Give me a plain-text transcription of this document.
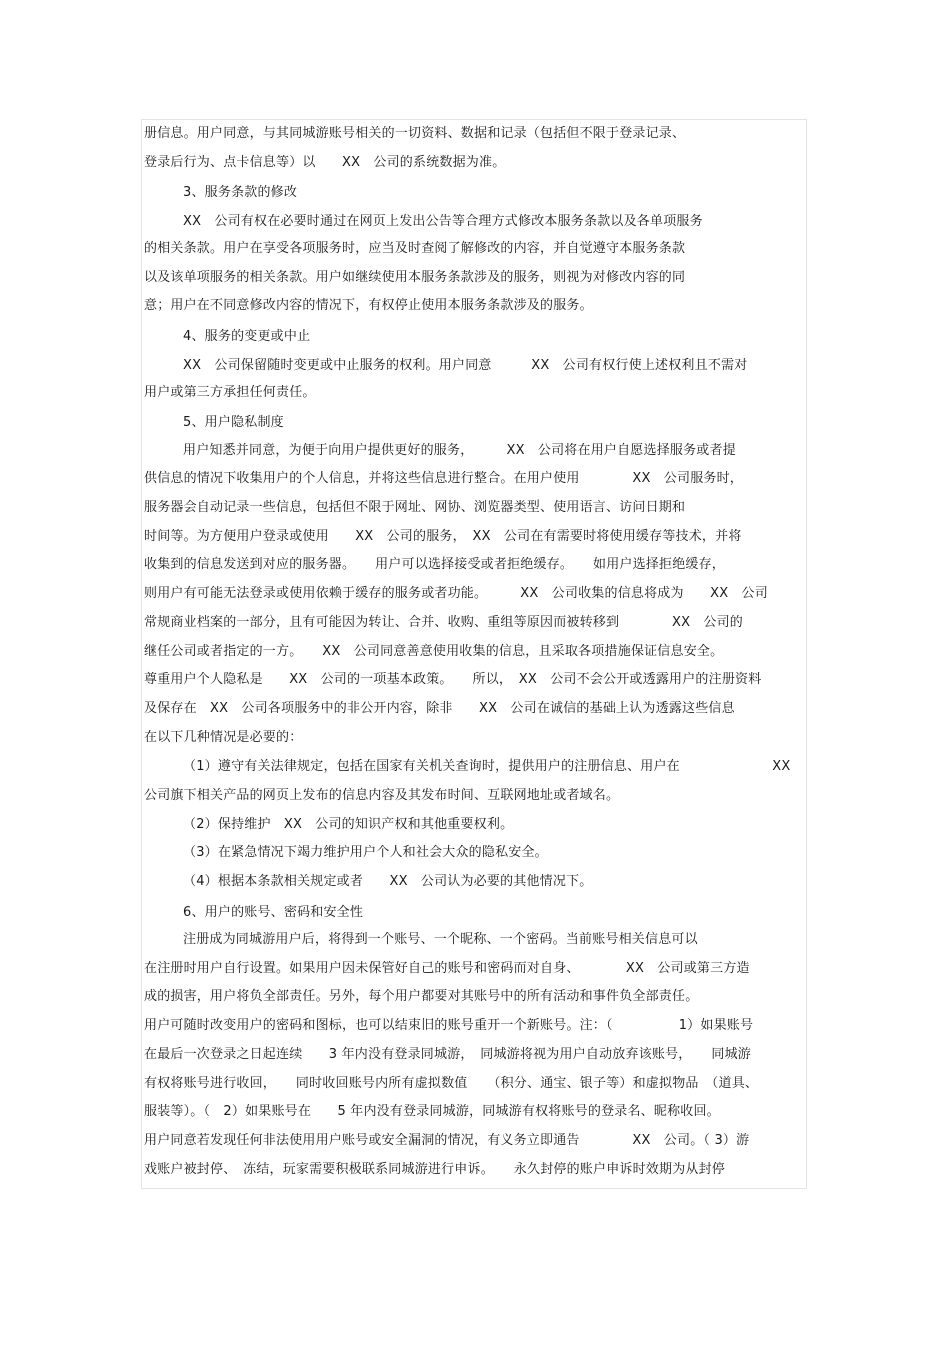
册信息。用户同意，与其同城游账号相关的一切资料、数据和记录（包括但不限于登录记录、
登录后行为、点卡信息等）以　　XX　公司的系统数据为准。
3、服务条款的修改
XX　公司有权在必要时通过在网页上发出公告等合理方式修改本服务条款以及各单项服务
的相关条款。用户在享受各项服务时，应当及时查阅了解修改的内容，并自觉遵守本服务条款
以及该单项服务的相关条款。用户如继续使用本服务条款涉及的服务，则视为对修改内容的同
意；用户在不同意修改内容的情况下，有权停止使用本服务条款涉及的服务。
4、服务的变更或中止
XX　公司保留随时变更或中止服务的权利。用户同意　　　XX　公司有权行使上述权利且不需对
用户或第三方承担任何责任。
5、用户隐私制度
用户知悉并同意，为便于向用户提供更好的服务，　　　XX　公司将在用户自愿选择服务或者提
供信息的情况下收集用户的个人信息，并将这些信息进行整合。在用户使用　　　　XX　公司服务时，
服务器会自动记录一些信息，包括但不限于网址、网协、浏览器类型、使用语言、访问日期和
时间等。为方便用户登录或使用　　XX　公司的服务，　XX　公司在有需要时将使用缓存等技术，并将
收集到的信息发送到对应的服务器。　　用户可以选择接受或者拒绝缓存。　　如用户选择拒绝缓存，
则用户有可能无法登录或使用依赖于缓存的服务或者功能。　　　XX　公司收集的信息将成为　　XX　公司
常规商业档案的一部分，且有可能因为转让、合并、收购、重组等原因而被转移到　　　　XX　公司的
继任公司或者指定的一方。　　XX　公司同意善意使用收集的信息，且采取各项措施保证信息安全。
尊重用户个人隐私是　　XX　公司的一项基本政策。　　所以，　XX　公司不会公开或透露用户的注册资料
及保存在　XX　公司各项服务中的非公开内容，除非　　XX　公司在诚信的基础上认为透露这些信息
在以下几种情况是必要的：
（1）遵守有关法律规定，包括在国家有关机关查询时，提供用户的注册信息、用户在　　　　　　　XX
公司旗下相关产品的网页上发布的信息内容及其发布时间、互联网地址或者域名。
（2）保持维护　XX　公司的知识产权和其他重要权利。
（3）在紧急情况下竭力维护用户个人和社会大众的隐私安全。
（4）根据本条款相关规定或者　　XX　公司认为必要的其他情况下。
6、用户的账号、密码和安全性
注册成为同城游用户后，将得到一个账号、一个昵称、一个密码。当前账号相关信息可以
在注册时用户自行设置。如果用户因未保管好自己的账号和密码而对自身、　　　　XX　公司或第三方造
成的损害，用户将负全部责任。另外，每个用户都要对其账号中的所有活动和事件负全部责任。
用户可随时改变用户的密码和图标，也可以结束旧的账号重开一个新账号。注：（　　　　　1）如果账号
在最后一次登录之日起连续　　3 年内没有登录同城游，　同城游将视为用户自动放弃该账号，　　同城游
有权将账号进行收回，　　同时收回账号内所有虚拟数值　　（积分、通宝、银子等）和虚拟物品　（道具、
服装等）。（　2）如果账号在　　5 年内没有登录同城游，同城游有权将账号的登录名、昵称收回。
用户同意若发现任何非法使用用户账号或安全漏洞的情况，有义务立即通告　　　　XX　公司。（ 3）游
戏账户被封停、　冻结，玩家需要积极联系同城游进行申诉。　　永久封停的账户申诉时效期为从封停
